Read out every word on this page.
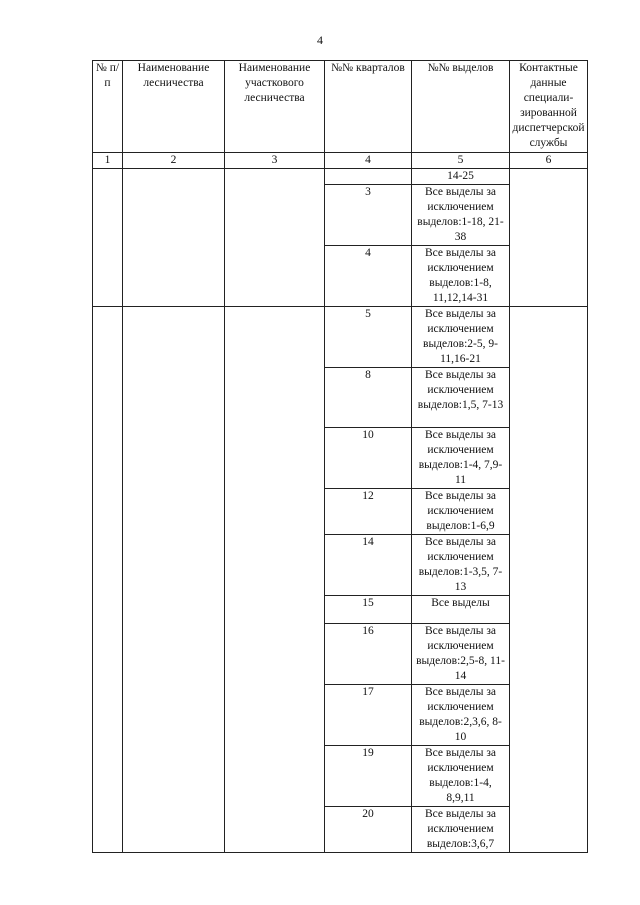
4
№ п/п	Наименование лесничества	Наименование участкового лесничества	№№ кварталов	№№ выделов	Контактные данные специали-зированной диспетчерской службы
1	2	3	4	5	6
				14-25	
			3	Все выделы за исключением выделов:1-18, 21-38	
			4	Все выделы за исключением выделов:1-8, 11,12,14-31	
			5	Все выделы за исключением выделов:2-5, 9-11,16-21	
			8	Все выделы за исключением выделов:1,5, 7-13	
			10	Все выделы за исключением выделов:1-4, 7,9-11	
			12	Все выделы за исключением выделов:1-6,9	
			14	Все выделы за исключением выделов:1-3,5, 7-13	
			15	Все выделы	
			16	Все выделы за исключением выделов:2,5-8, 11-14	
			17	Все выделы за исключением выделов:2,3,6, 8-10	
			19	Все выделы за исключением выделов:1-4, 8,9,11	
			20	Все выделы за исключением выделов:3,6,7	
